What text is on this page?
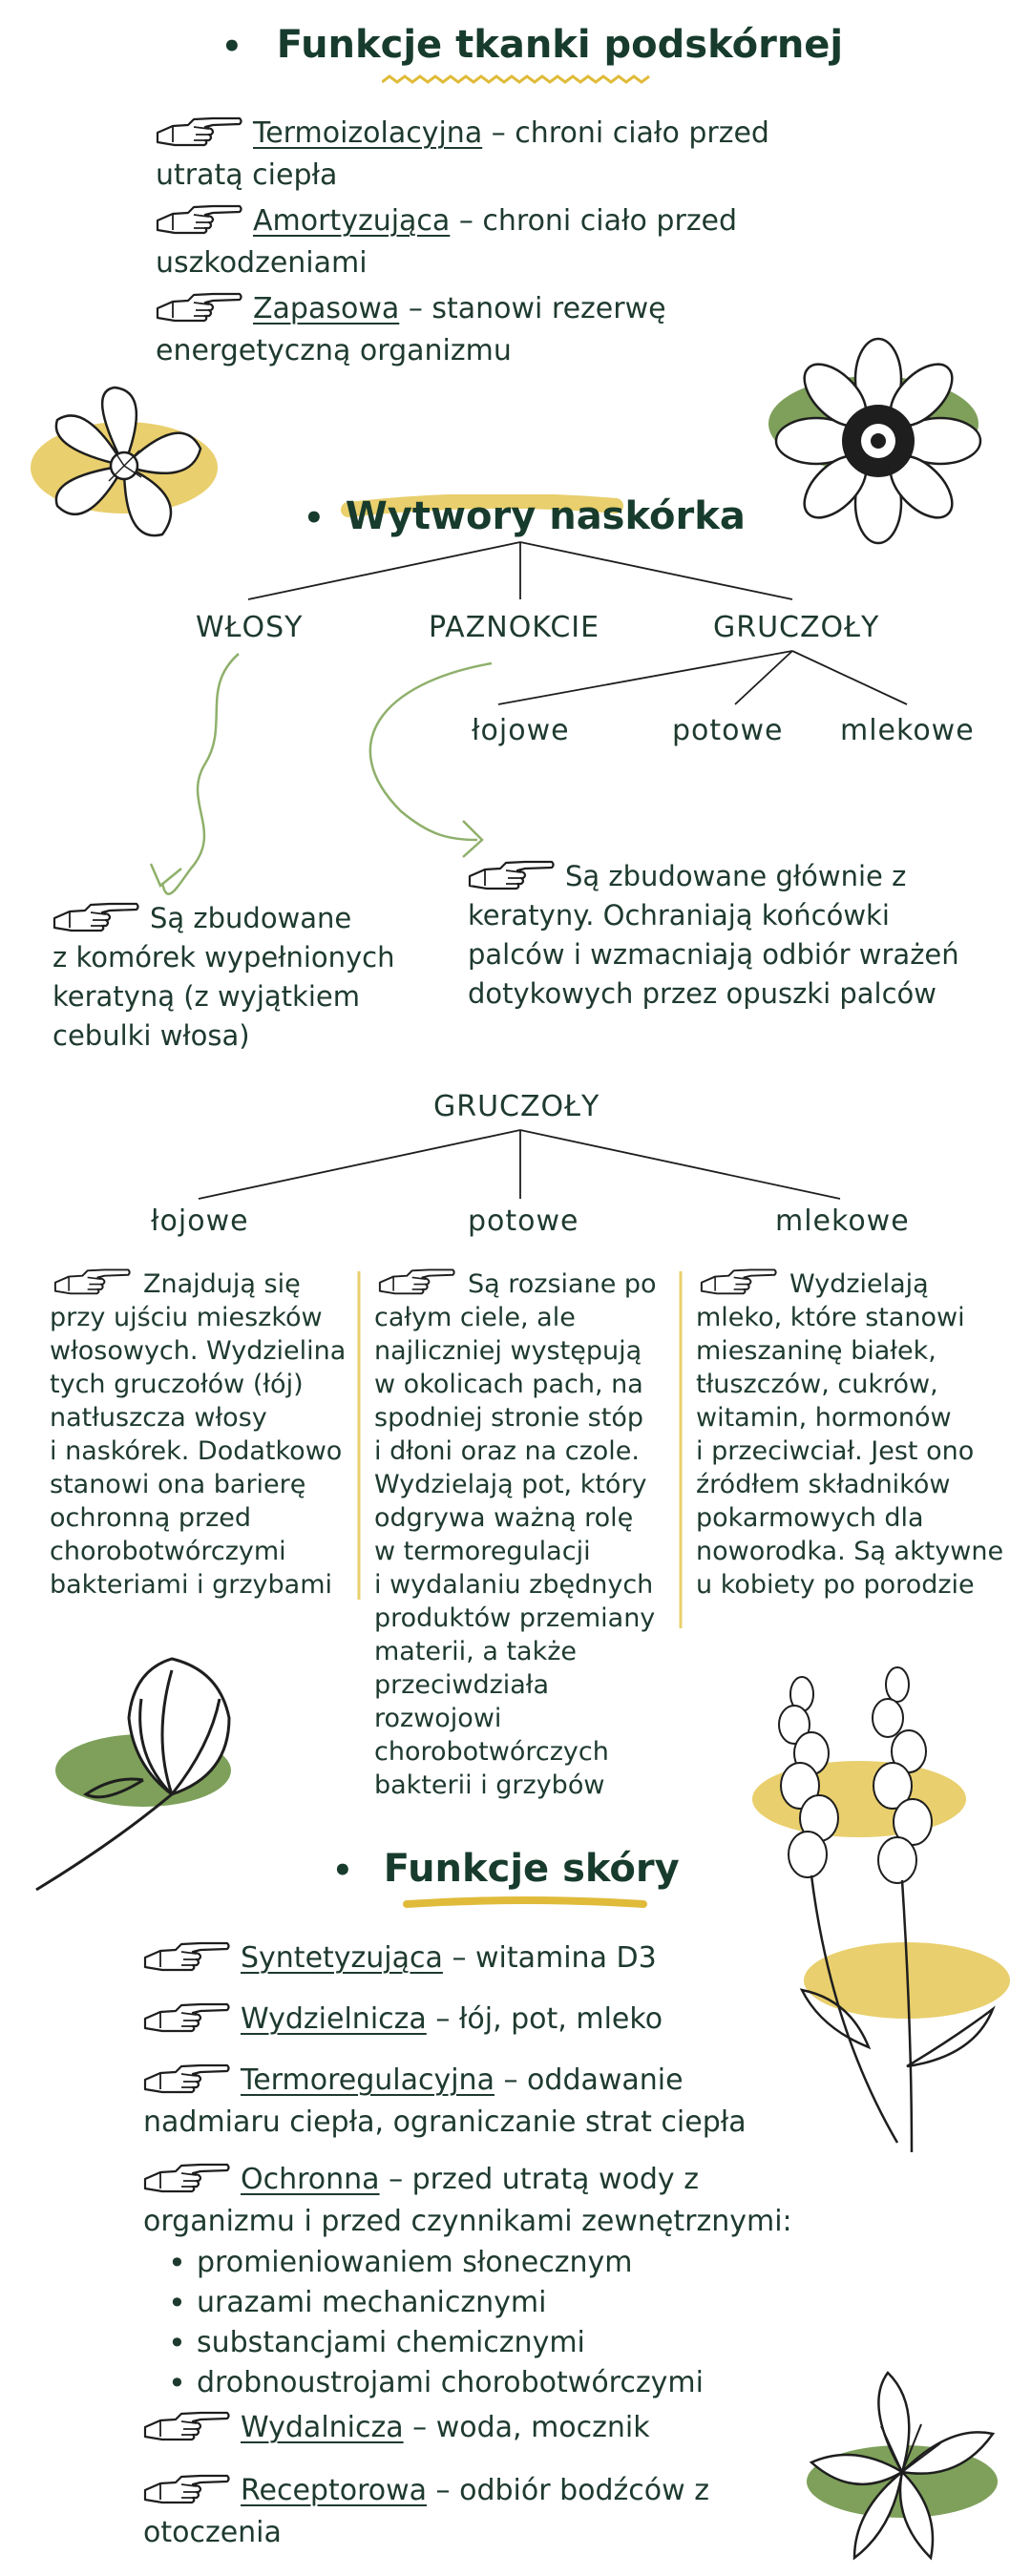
• Funkcje tkanki podskórnej
Termoizolacyjna – chroni ciało przed
utratą ciepła
Amortyzująca – chroni ciało przed
uszkodzeniami
Zapasowa – stanowi rezerwę
energetyczną organizmu
• Wytwory naskórka
WŁOSY	PAZNOKCIE	GRUCZOŁY
łojowe	potowe mlekowe
Są zbudowane
z komórek wypełnionych
keratyną (z wyjątkiem
cebulki włosa)
Są zbudowane głównie z
keratyny. Ochraniają końcówki
palców i wzmacniają odbiór wrażeń
dotykowych przez opuszki palców
GRUCZOŁY
łojowe	potowe	mlekowe
Znajdują się
przy ujściu mieszków
włosowych. Wydzielina
tych gruczołów (łój)
natłuszcza włosy
i naskórek. Dodatkowo
stanowi ona barierę
ochronną przed
chorobotwórczymi
bakteriami i grzybami
Są rozsiane po
całym ciele, ale
najliczniej występują
w okolicach pach, na
spodniej stronie stóp
i dłoni oraz na czole.
Wydzielają pot, który
odgrywa ważną rolę
w termoregulacji
i wydalaniu zbędnych
produktów przemiany
materii, a także
przeciwdziała rozwojowi
chorobotwórczych
bakterii i grzybów
Wydzielają
mleko, które stanowi
mieszaninę białek,
tłuszczów, cukrów,
witamin, hormonów
i przeciwciał. Jest ono
źródłem składników
pokarmowych dla
noworodka. Są aktywne
u kobiety po porodzie
• Funkcje skóry
Syntetyzująca – witamina D3
Wydzielnicza – łój, pot, mleko
Termoregulacyjna – oddawanie
nadmiaru ciepła, ograniczanie strat ciepła
Ochronna – przed utratą wody z
organizmu i przed czynnikami zewnętrznymi:
• promieniowaniem słonecznym
• urazami mechanicznymi
• substancjami chemicznymi
• drobnoustrojami chorobotwórczymi
Wydalnicza – woda, mocznik
Receptorowa – odbiór bodźców z
otoczenia
